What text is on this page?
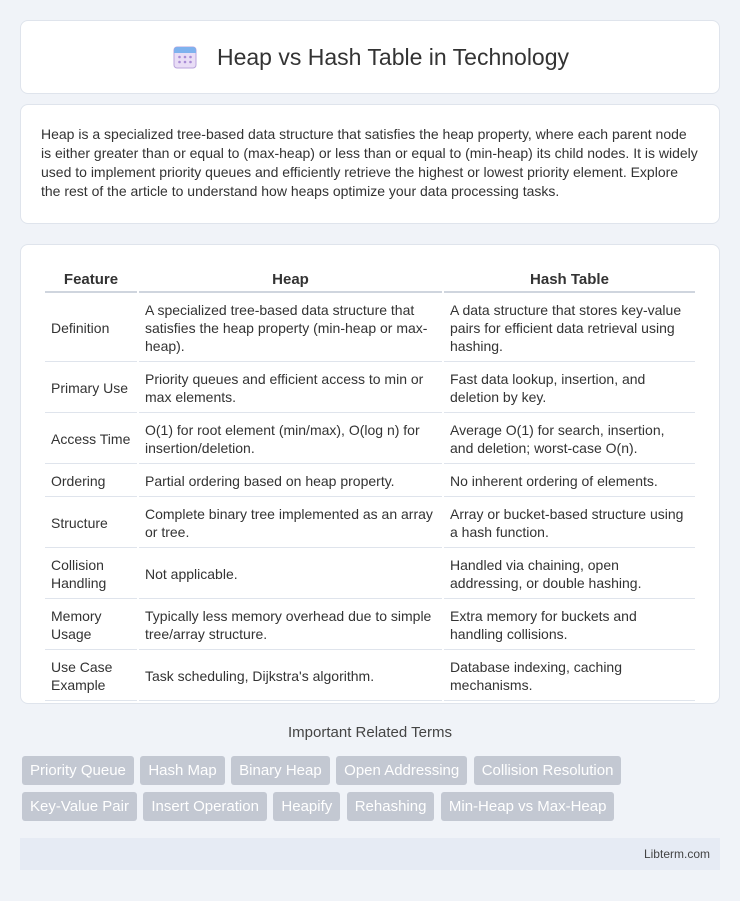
Heap vs Hash Table in Technology

Heap is a specialized tree-based data structure that satisfies the heap property, where each parent node is either greater than or equal to (max-heap) or less than or equal to (min-heap) its child nodes. It is widely used to implement priority queues and efficiently retrieve the highest or lowest priority element. Explore the rest of the article to understand how heaps optimize your data processing tasks.

Feature	Heap	Hash Table
Definition	A specialized tree-based data structure that satisfies the heap property (min-heap or max-heap).	A data structure that stores key-value pairs for efficient data retrieval using hashing.
Primary Use	Priority queues and efficient access to min or max elements.	Fast data lookup, insertion, and deletion by key.
Access Time	O(1) for root element (min/max), O(log n) for insertion/deletion.	Average O(1) for search, insertion, and deletion; worst-case O(n).
Ordering	Partial ordering based on heap property.	No inherent ordering of elements.
Structure	Complete binary tree implemented as an array or tree.	Array or bucket-based structure using a hash function.
Collision Handling	Not applicable.	Handled via chaining, open addressing, or double hashing.
Memory Usage	Typically less memory overhead due to simple tree/array structure.	Extra memory for buckets and handling collisions.
Use Case Example	Task scheduling, Dijkstra's algorithm.	Database indexing, caching mechanisms.
Important Related Terms
Priority Queue Hash Map Binary Heap Open Addressing Collision Resolution Key-Value Pair Insert Operation Heapify Rehashing Min-Heap vs Max-Heap
Libterm.com
